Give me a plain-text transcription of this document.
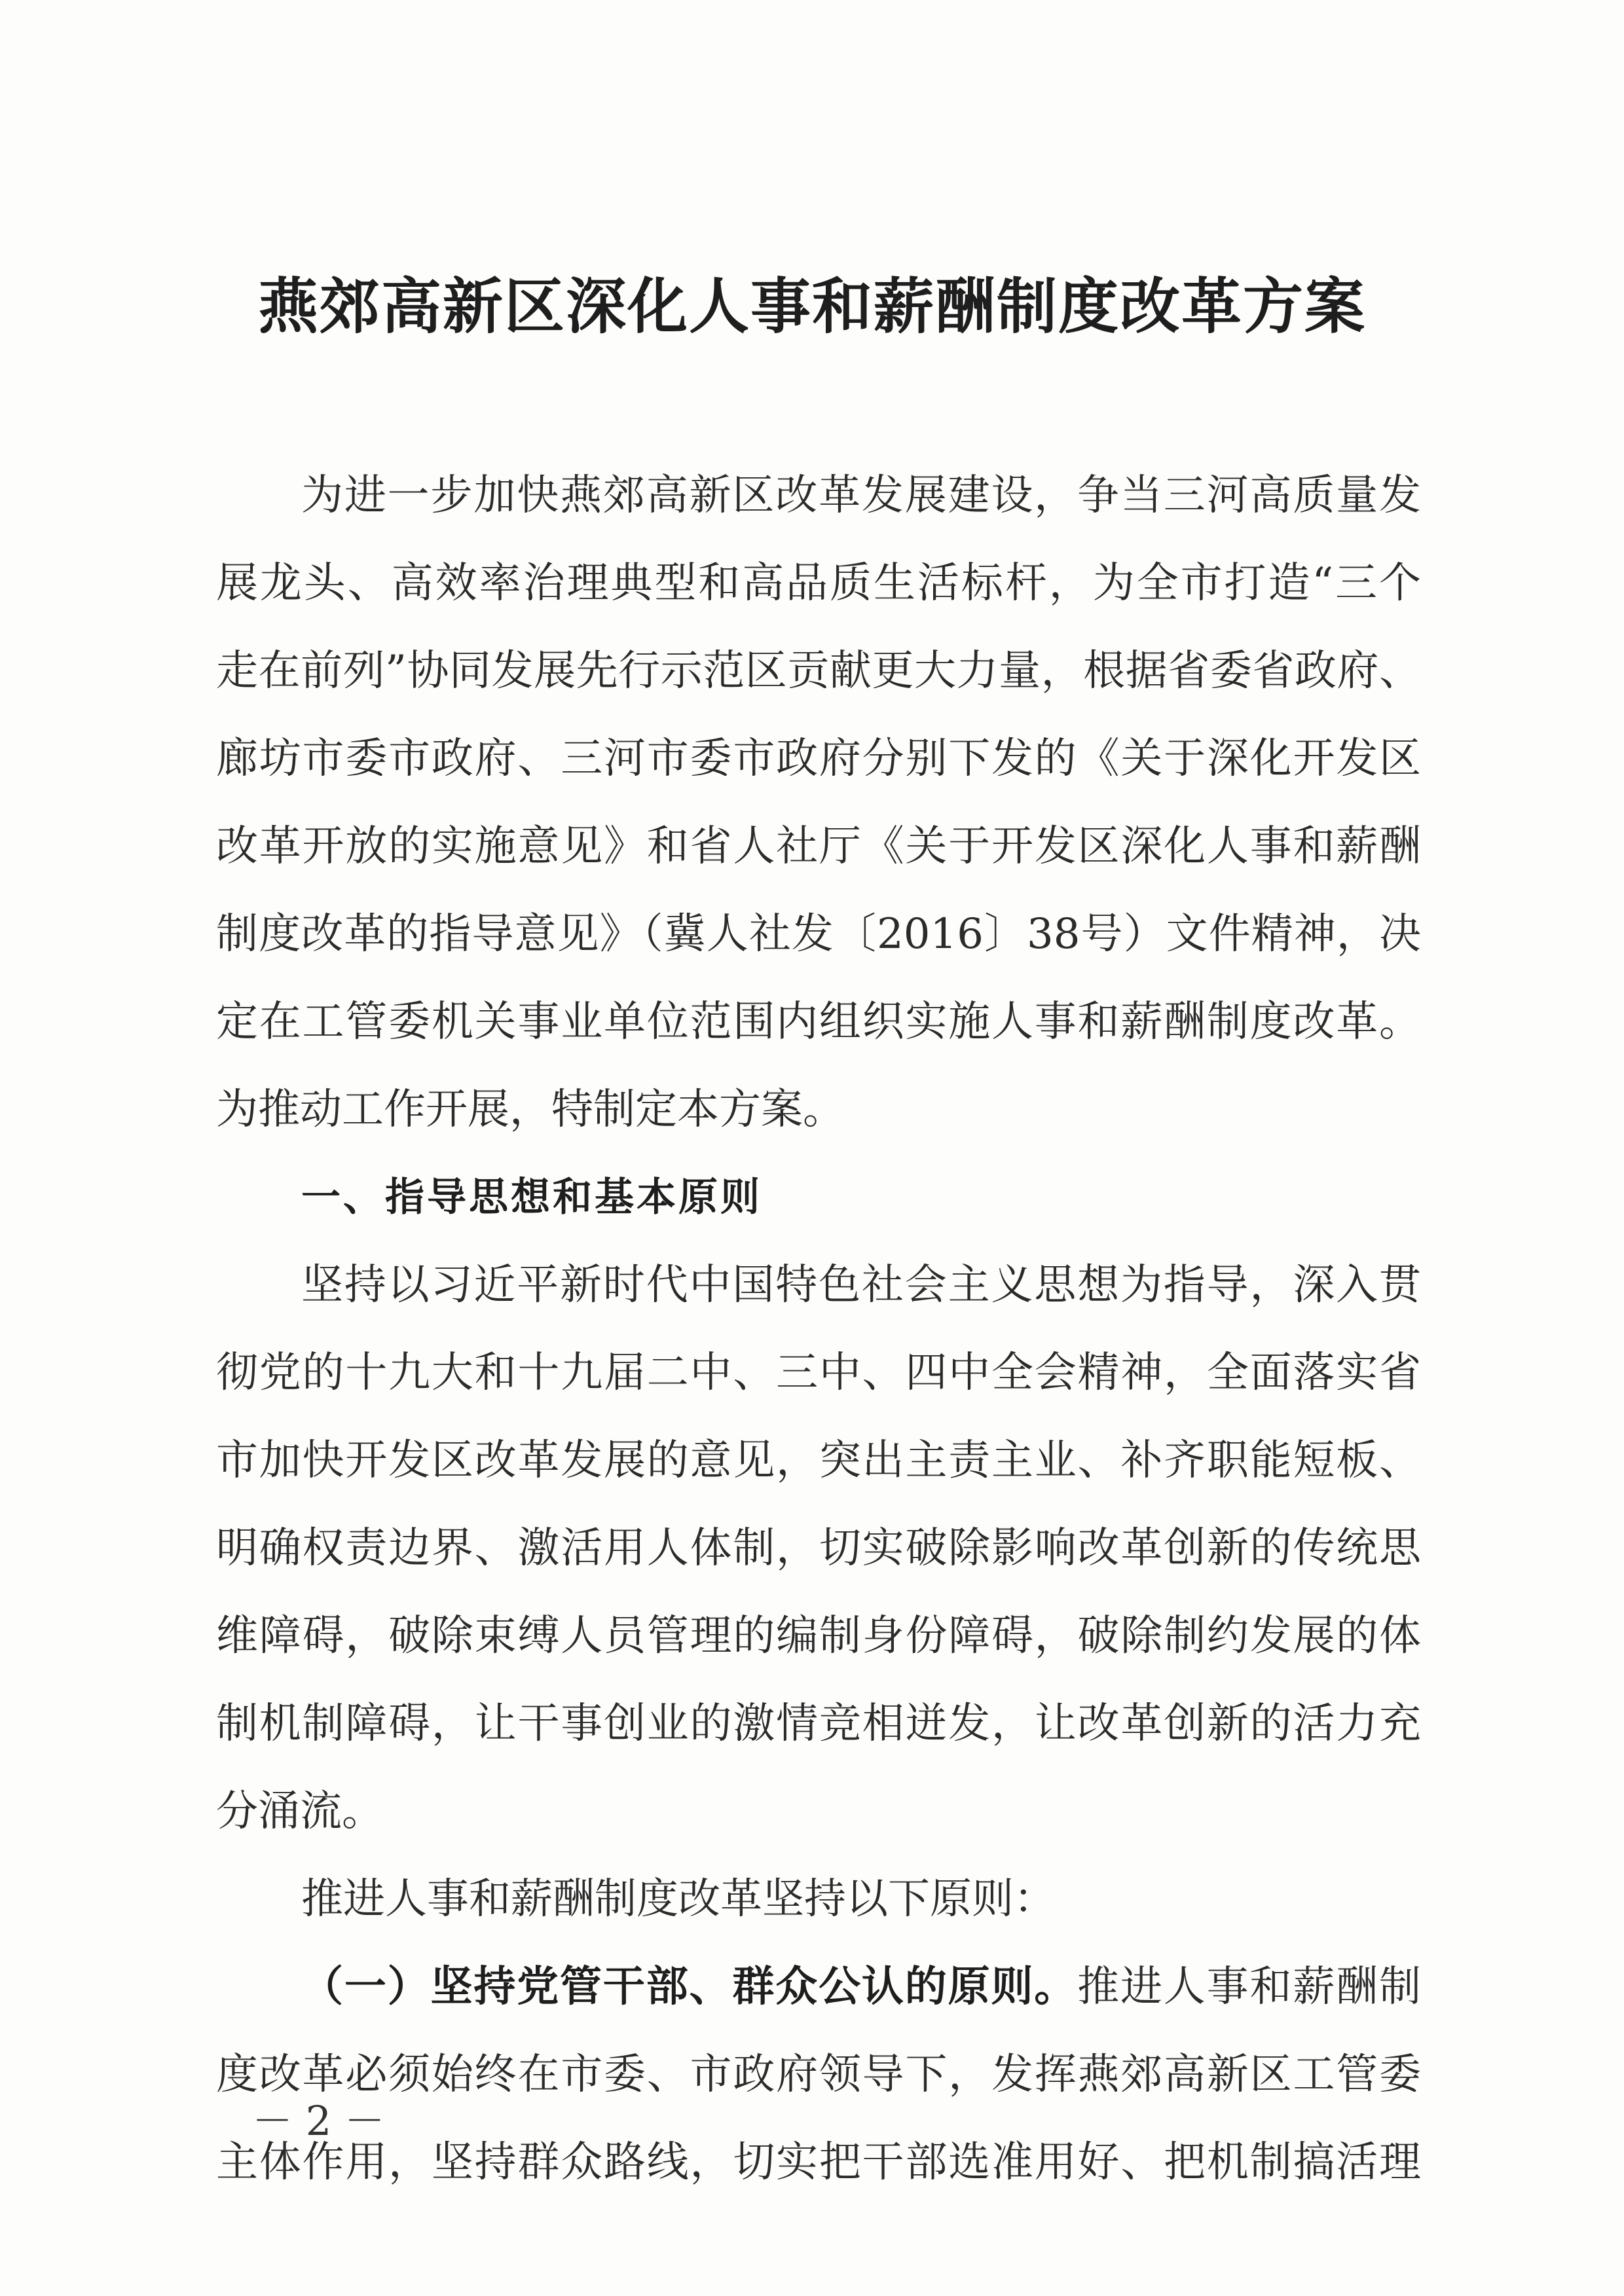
燕郊高新区深化人事和薪酬制度改革方案
为进一步加快燕郊高新区改革发展建设，争当三河高质量发
展龙头、高效率治理典型和高品质生活标杆，为全市打造“三个
走在前列”协同发展先行示范区贡献更大力量，根据省委省政府、
廊坊市委市政府、三河市委市政府分别下发的《关于深化开发区
改革开放的实施意见》和省人社厅《关于开发区深化人事和薪酬
制度改革的指导意见》（冀人社发〔2016〕38号）文件精神，决
定在工管委机关事业单位范围内组织实施人事和薪酬制度改革。
为推动工作开展，特制定本方案。
一、指导思想和基本原则
坚持以习近平新时代中国特色社会主义思想为指导，深入贯
彻党的十九大和十九届二中、三中、四中全会精神，全面落实省
市加快开发区改革发展的意见，突出主责主业、补齐职能短板、
明确权责边界、激活用人体制，切实破除影响改革创新的传统思
维障碍，破除束缚人员管理的编制身份障碍，破除制约发展的体
制机制障碍，让干事创业的激情竞相迸发，让改革创新的活力充
分涌流。
推进人事和薪酬制度改革坚持以下原则：
（一）坚持党管干部、群众公认的原则。推进人事和薪酬制
度改革必须始终在市委、市政府领导下，发挥燕郊高新区工管委
主体作用，坚持群众路线，切实把干部选准用好、把机制搞活理
－ 2 －
